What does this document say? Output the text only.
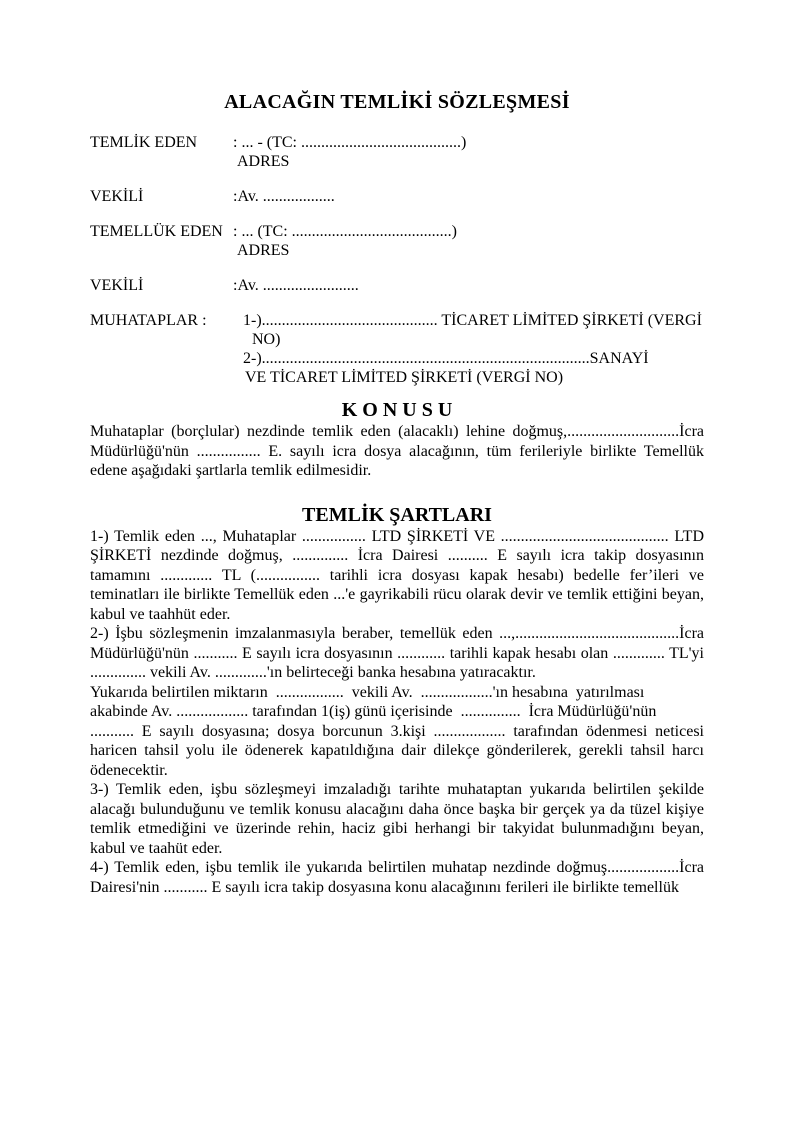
ALACAĞIN TEMLİKİ SÖZLEŞMESİ
TEMLİK EDEN	: ... - (TC: ........................................)
ADRES
VEKİLİ	:Av. ..................
TEMELLÜK EDEN : ... (TC: ........................................)
ADRES
VEKİLİ	:Av. ........................
MUHATAPLAR :	1-)............................................ TİCARET LİMİTED ŞİRKETİ (VERGİ
NO)
2-)..................................................................................SANAYİ
VE TİCARET LİMİTED ŞİRKETİ (VERGİ NO)
K O N U S U

Muhataplar (borçlular) nezdinde temlik eden (alacaklı) lehine doğmuş,............................İcra Müdürlüğü'nün ................ E. sayılı icra dosya alacağının, tüm ferileriyle birlikte Temellük edene aşağıdaki şartlarla temlik edilmesidir.

TEMLİK ŞARTLARI

1-) Temlik eden ..., Muhataplar ................ LTD ŞİRKETİ VE .......................................... LTD ŞİRKETİ nezdinde doğmuş, .............. İcra Dairesi .......... E sayılı icra takip dosyasının tamamını ............. TL (................ tarihli icra dosyası kapak hesabı) bedelle fer’ileri ve teminatları ile birlikte Temellük eden ...'e gayrikabili rücu olarak devir ve temlik ettiğini beyan, kabul ve taahhüt eder.

2-) İşbu sözleşmenin imzalanmasıyla beraber, temellük eden ...,.........................................İcra Müdürlüğü'nün ........... E sayılı icra dosyasının ............ tarihli kapak hesabı olan ............. TL'yi .............. vekili Av. .............'ın belirteceği banka hesabına yatıracaktır.

Yukarıda belirtilen miktarın  .................  vekili Av.  ..................'ın hesabına  yatırılması
akabinde Av. .................. tarafından 1(iş) günü içerisinde  ...............  İcra Müdürlüğü'nün
........... E sayılı dosyasına; dosya borcunun 3.kişi .................. tarafından ödenmesi neticesi haricen tahsil yolu ile ödenerek kapatıldığına dair dilekçe gönderilerek, gerekli tahsil harcı ödenecektir.

3-) Temlik eden, işbu sözleşmeyi imzaladığı tarihte muhataptan yukarıda belirtilen şekilde alacağı bulunduğunu ve temlik konusu alacağını daha önce başka bir gerçek ya da tüzel kişiye temlik etmediğini ve üzerinde rehin, haciz gibi herhangi bir takyidat bulunmadığını beyan, kabul ve taahüt eder.

4-) Temlik eden, işbu temlik ile yukarıda belirtilen muhatap nezdinde doğmuş..................İcra Dairesi'nin ........... E sayılı icra takip dosyasına konu alacağınını ferileri ile birlikte temellük
